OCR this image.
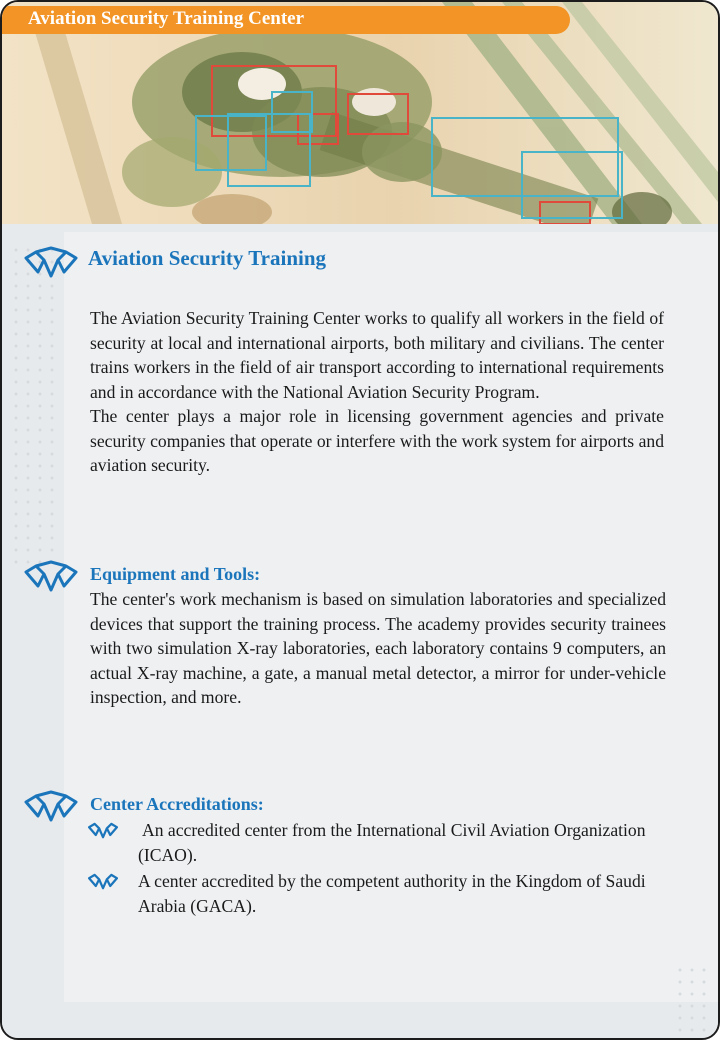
Aviation Security Training Center
Aviation Security Training

The Aviation Security Training Center works to qualify all workers in the field of security at local and international airports, both military and civilians. The center trains workers in the field of air transport according to international requirements and in accordance with the National Aviation Security Program.

The center plays a major role in licensing government agencies and private security companies that operate or interfere with the work system for airports and aviation security.

Equipment and Tools:
The center's work mechanism is based on simulation laboratories and specialized devices that support the training process. The academy provides security trainees with two simulation X-ray laboratories, each laboratory contains 9 computers, an actual X-ray machine, a gate, a manual metal detector, a mirror for under-vehicle inspection, and more.
Center Accreditations:
An accredited center from the International Civil Aviation Organization (ICAO).
A center accredited by the competent authority in the Kingdom of Saudi Arabia (GACA).
